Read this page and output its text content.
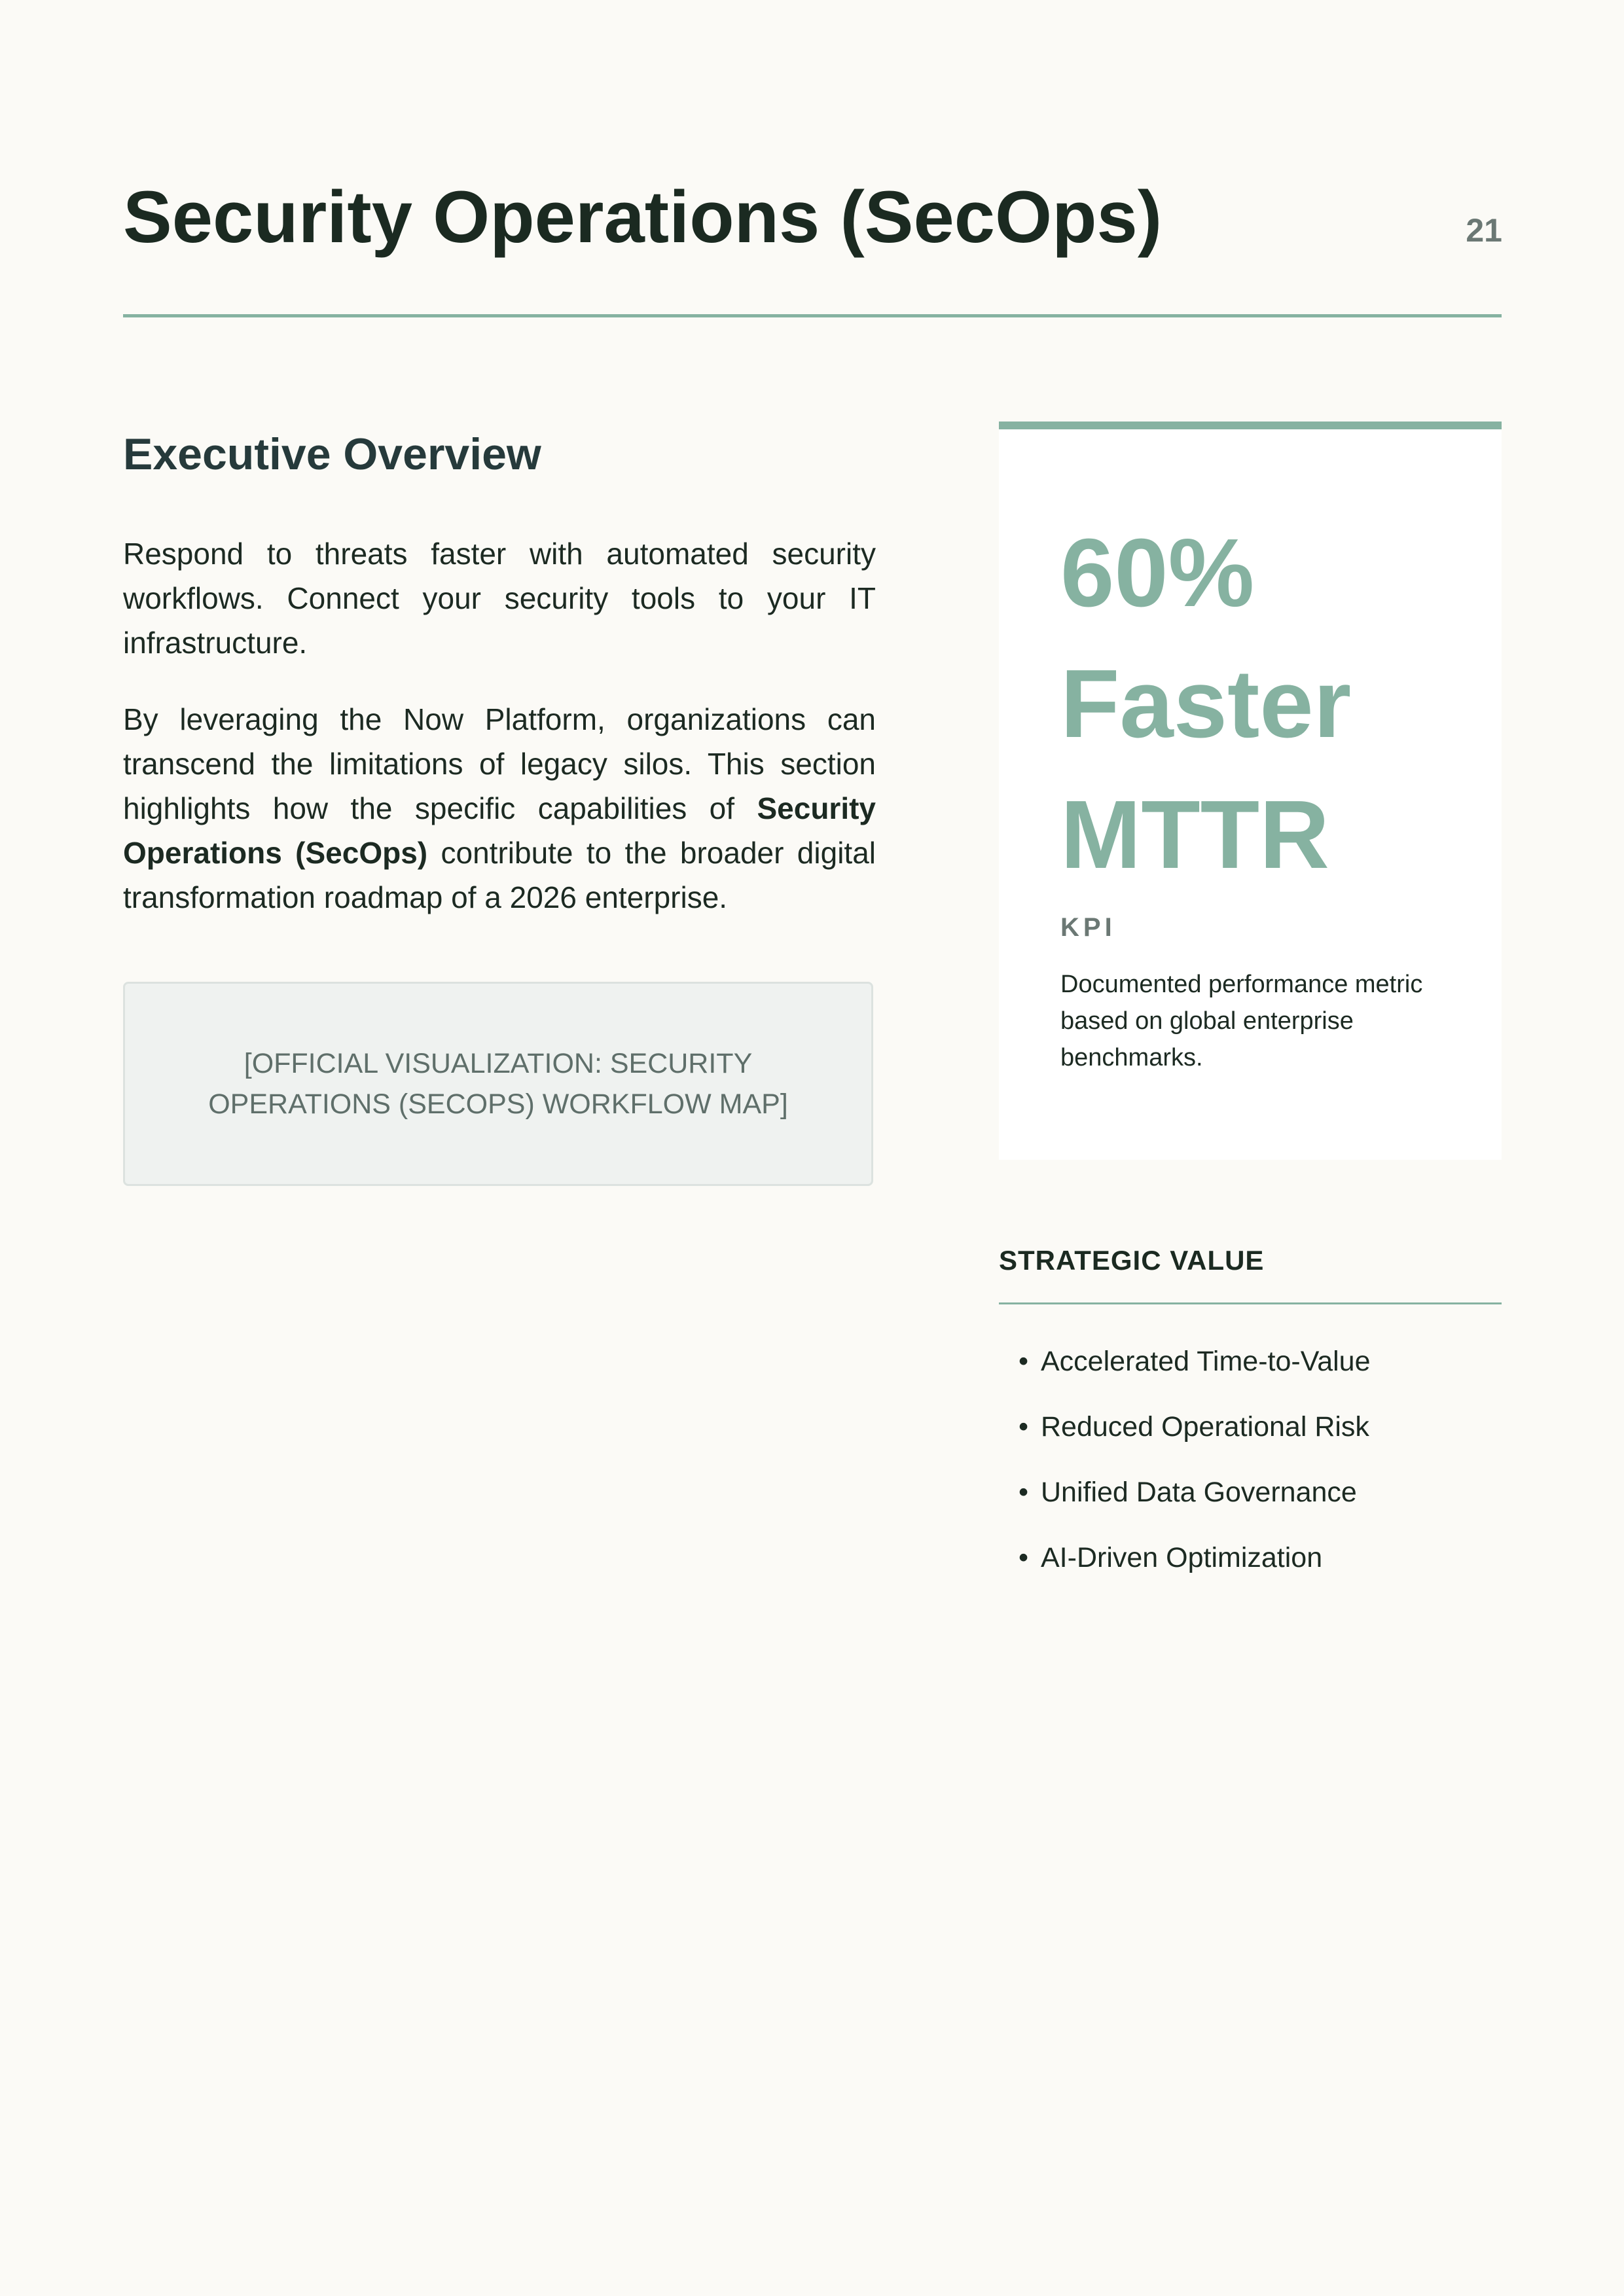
Security Operations (SecOps)	21
Executive Overview

Respond to threats faster with automated security workflows. Connect your security tools to your IT infrastructure.

By leveraging the Now Platform, organizations can transcend the limitations of legacy silos. This section highlights how the specific capabilities of Security Operations (SecOps) contribute to the broader digital transformation roadmap of a 2026 enterprise.

[OFFICIAL VISUALIZATION: SECURITY OPERATIONS (SECOPS) WORKFLOW MAP]
60% Faster MTTR
KPI
Documented performance metric based on global enterprise benchmarks.
STRATEGIC VALUE
• Accelerated Time-to-Value
• Reduced Operational Risk
• Unified Data Governance
• AI-Driven Optimization
